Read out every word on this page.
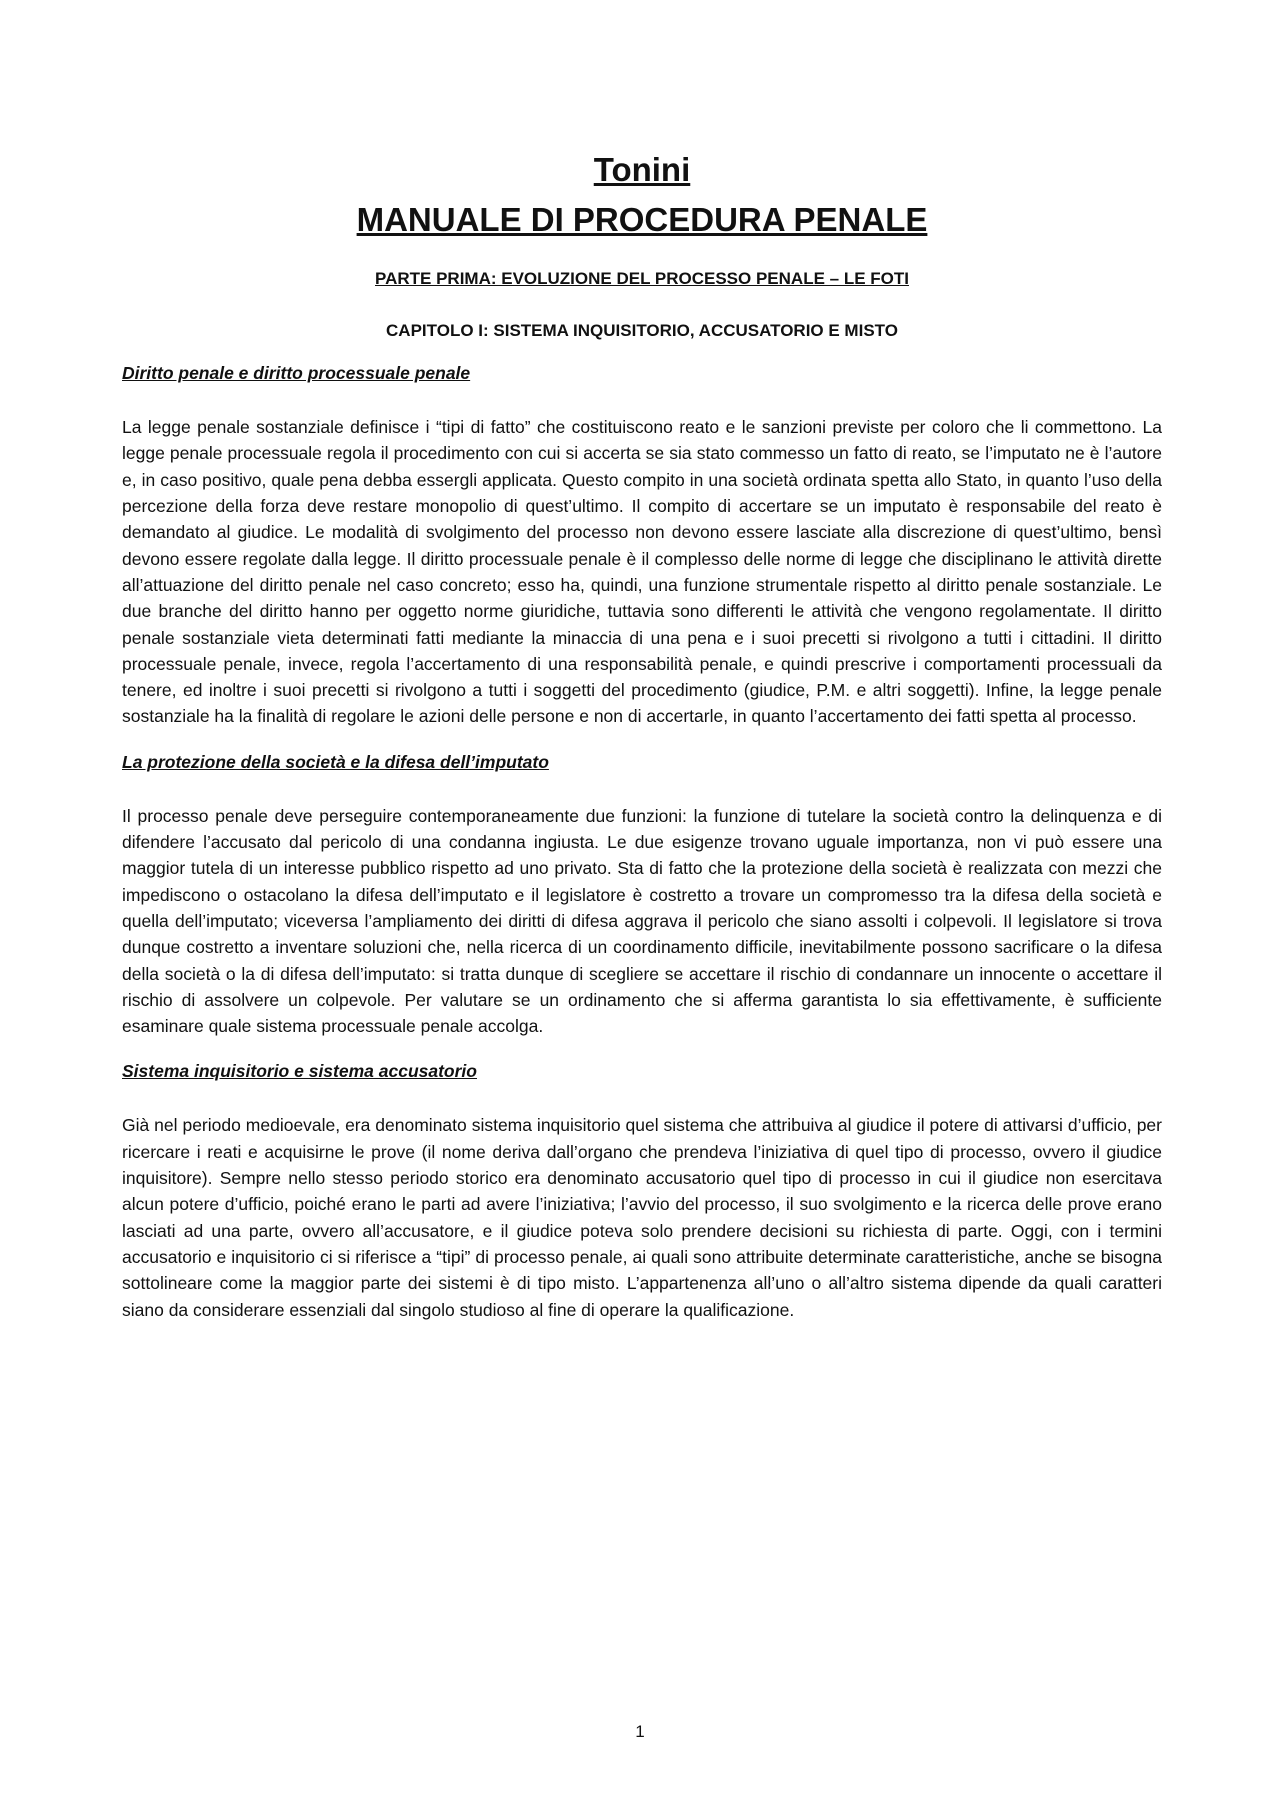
Tonini
MANUALE DI PROCEDURA PENALE

PARTE PRIMA: EVOLUZIONE DEL PROCESSO PENALE – LE FOTI

CAPITOLO I: SISTEMA INQUISITORIO, ACCUSATORIO E MISTO

Diritto penale e diritto processuale penale

La legge penale sostanziale definisce i “tipi di fatto” che costituiscono reato e le sanzioni previste per coloro che li commettono. La legge penale processuale regola il procedimento con cui si accerta se sia stato commesso un fatto di reato, se l’imputato ne è l’autore e, in caso positivo, quale pena debba essergli applicata. Questo compito in una società ordinata spetta allo Stato, in quanto l’uso della percezione della forza deve restare monopolio di quest’ultimo. Il compito di accertare se un imputato è responsabile del reato è demandato al giudice. Le modalità di svolgimento del processo non devono essere lasciate alla discrezione di quest’ultimo, bensì devono essere regolate dalla legge. Il diritto processuale penale è il complesso delle norme di legge che disciplinano le attività dirette all’attuazione del diritto penale nel caso concreto; esso ha, quindi, una funzione strumentale rispetto al diritto penale sostanziale. Le due branche del diritto hanno per oggetto norme giuridiche, tuttavia sono differenti le attività che vengono regolamentate. Il diritto penale sostanziale vieta determinati fatti mediante la minaccia di una pena e i suoi precetti si rivolgono a tutti i cittadini. Il diritto processuale penale, invece, regola l’accertamento di una responsabilità penale, e quindi prescrive i comportamenti processuali da tenere, ed inoltre i suoi precetti si rivolgono a tutti i soggetti del procedimento (giudice, P.M. e altri soggetti). Infine, la legge penale sostanziale ha la finalità di regolare le azioni delle persone e non di accertarle, in quanto l’accertamento dei fatti spetta al processo.

La protezione della società e la difesa dell’imputato

Il processo penale deve perseguire contemporaneamente due funzioni: la funzione di tutelare la società contro la delinquenza e di difendere l’accusato dal pericolo di una condanna ingiusta. Le due esigenze trovano uguale importanza, non vi può essere una maggior tutela di un interesse pubblico rispetto ad uno privato. Sta di fatto che la protezione della società è realizzata con mezzi che impediscono o ostacolano la difesa dell’imputato e il legislatore è costretto a trovare un compromesso tra la difesa della società e quella dell’imputato; viceversa l’ampliamento dei diritti di difesa aggrava il pericolo che siano assolti i colpevoli. Il legislatore si trova dunque costretto a inventare soluzioni che, nella ricerca di un coordinamento difficile, inevitabilmente possono sacrificare o la difesa della società o la di difesa dell’imputato: si tratta dunque di scegliere se accettare il rischio di condannare un innocente o accettare il rischio di assolvere un colpevole. Per valutare se un ordinamento che si afferma garantista lo sia effettivamente, è sufficiente esaminare quale sistema processuale penale accolga.

Sistema inquisitorio e sistema accusatorio

Già nel periodo medioevale, era denominato sistema inquisitorio quel sistema che attribuiva al giudice il potere di attivarsi d’ufficio, per ricercare i reati e acquisirne le prove (il nome deriva dall’organo che prendeva l’iniziativa di quel tipo di processo, ovvero il giudice inquisitore). Sempre nello stesso periodo storico era denominato accusatorio quel tipo di processo in cui il giudice non esercitava alcun potere d’ufficio, poiché erano le parti ad avere l’iniziativa; l’avvio del processo, il suo svolgimento e la ricerca delle prove erano lasciati ad una parte, ovvero all’accusatore, e il giudice poteva solo prendere decisioni su richiesta di parte. Oggi, con i termini accusatorio e inquisitorio ci si riferisce a “tipi” di processo penale, ai quali sono attribuite determinate caratteristiche, anche se bisogna sottolineare come la maggior parte dei sistemi è di tipo misto. L’appartenenza all’uno o all’altro sistema dipende da quali caratteri siano da considerare essenziali dal singolo studioso al fine di operare la qualificazione.

1
